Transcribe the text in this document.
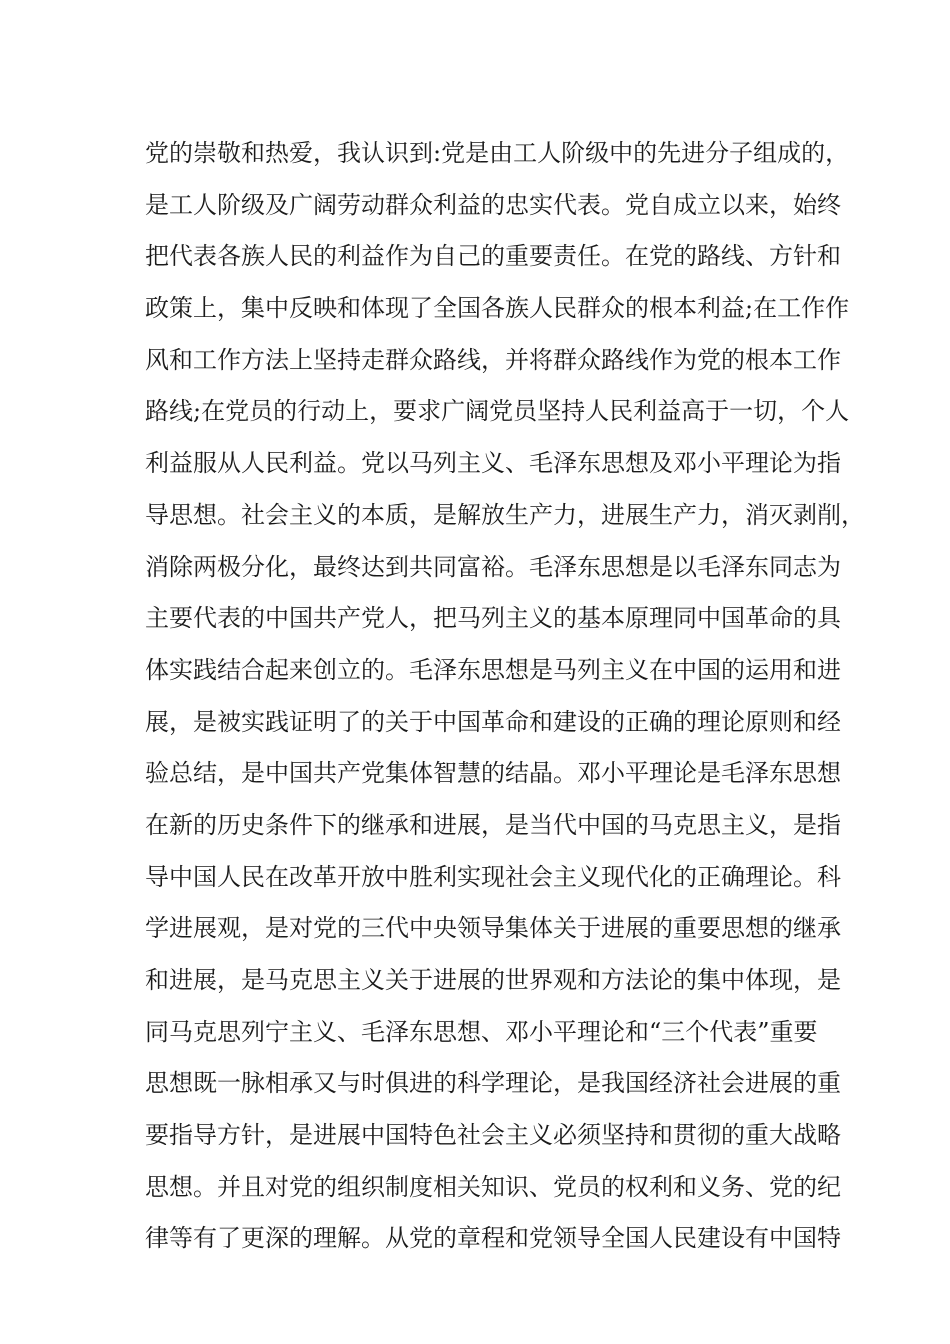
党的崇敬和热爱，我认识到:党是由工人阶级中的先进分子组成的，
是工人阶级及广阔劳动群众利益的忠实代表。党自成立以来，始终
把代表各族人民的利益作为自己的重要责任。在党的路线、方针和
政策上，集中反映和体现了全国各族人民群众的根本利益;在工作作
风和工作方法上坚持走群众路线，并将群众路线作为党的根本工作
路线;在党员的行动上，要求广阔党员坚持人民利益高于一切，个人
利益服从人民利益。党以马列主义、毛泽东思想及邓小平理论为指
导思想。社会主义的本质，是解放生产力，进展生产力，消灭剥削，
消除两极分化，最终达到共同富裕。毛泽东思想是以毛泽东同志为
主要代表的中国共产党人，把马列主义的基本原理同中国革命的具
体实践结合起来创立的。毛泽东思想是马列主义在中国的运用和进
展，是被实践证明了的关于中国革命和建设的正确的理论原则和经
验总结，是中国共产党集体智慧的结晶。邓小平理论是毛泽东思想
在新的历史条件下的继承和进展，是当代中国的马克思主义，是指
导中国人民在改革开放中胜利实现社会主义现代化的正确理论。科
学进展观，是对党的三代中央领导集体关于进展的重要思想的继承
和进展，是马克思主义关于进展的世界观和方法论的集中体现，是
同马克思列宁主义、毛泽东思想、邓小平理论和“三个代表”重要
思想既一脉相承又与时俱进的科学理论，是我国经济社会进展的重
要指导方针，是进展中国特色社会主义必须坚持和贯彻的重大战略
思想。并且对党的组织制度相关知识、党员的权利和义务、党的纪
律等有了更深的理解。从党的章程和党领导全国人民建设有中国特
